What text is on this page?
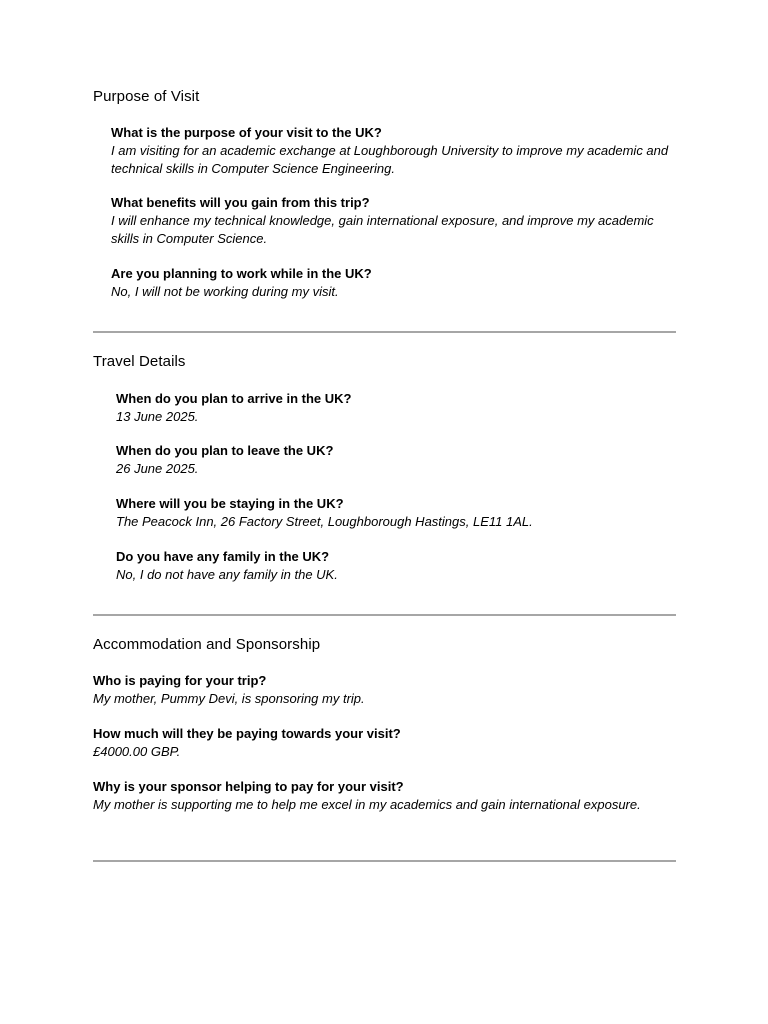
Purpose of Visit
What is the purpose of your visit to the UK?
I am visiting for an academic exchange at Loughborough University to improve my academic and technical skills in Computer Science Engineering.
What benefits will you gain from this trip?
I will enhance my technical knowledge, gain international exposure, and improve my academic skills in Computer Science.
Are you planning to work while in the UK?
No, I will not be working during my visit.
Travel Details
When do you plan to arrive in the UK?
13 June 2025.
When do you plan to leave the UK?
26 June 2025.
Where will you be staying in the UK?
The Peacock Inn, 26 Factory Street, Loughborough Hastings, LE11 1AL.
Do you have any family in the UK?
No, I do not have any family in the UK.
Accommodation and Sponsorship
Who is paying for your trip?
My mother, Pummy Devi, is sponsoring my trip.
How much will they be paying towards your visit?
£4000.00 GBP.
Why is your sponsor helping to pay for your visit?
My mother is supporting me to help me excel in my academics and gain international exposure.
